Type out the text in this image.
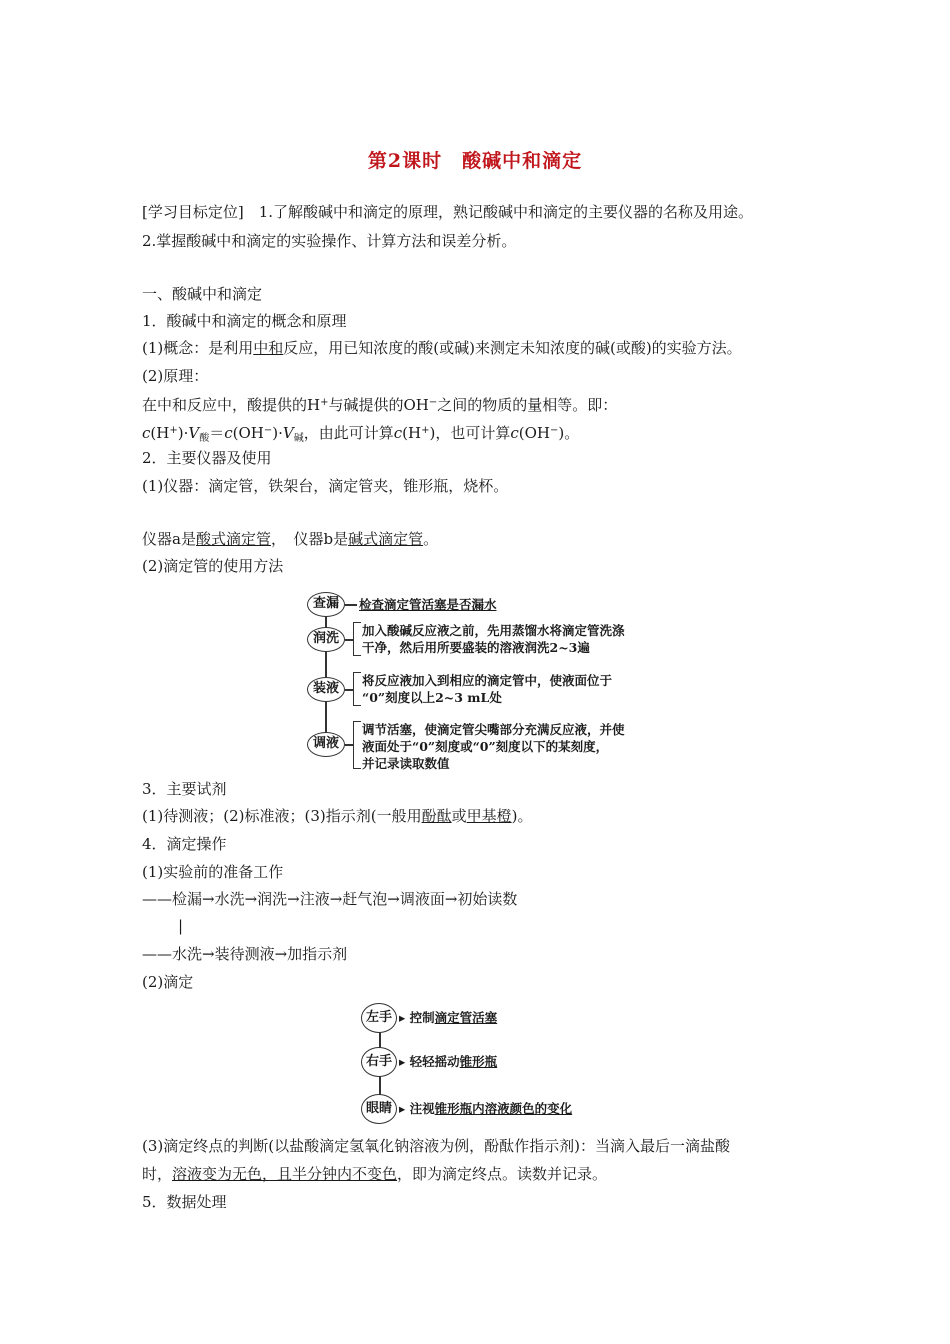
第2课时　酸碱中和滴定
[学习目标定位]　1.了解酸碱中和滴定的原理，熟记酸碱中和滴定的主要仪器的名称及用途。
2.掌握酸碱中和滴定的实验操作、计算方法和误差分析。
一、酸碱中和滴定
1．酸碱中和滴定的概念和原理
(1)概念：是利用中和反应，用已知浓度的酸(或碱)来测定未知浓度的碱(或酸)的实验方法。
(2)原理：
在中和反应中，酸提供的H+与碱提供的OH−之间的物质的量相等。即：
$c(H^+)\cdot V_酸=c(OH^-)\cdot V_碱$，由此可计算c(H+)，也可计算c(OH−)。
2．主要仪器及使用
(1)仪器：滴定管，铁架台，滴定管夹，锥形瓶，烧杯。
仪器a是酸式滴定管，　仪器b是碱式滴定管。
(2)滴定管的使用方法
查漏	检查滴定管活塞是否漏水
润洗
加入酸碱反应液之前，先用蒸馏水将滴定管洗涤
干净，然后用所要盛装的溶液润洗2~3遍
装液
将反应液加入到相应的滴定管中，使液面位于
“0”刻度以上2~3 mL处
调液
调节活塞，使滴定管尖嘴部分充满反应液，并使
液面处于“0”刻度或“0”刻度以下的某刻度，
并记录读取数值
3．主要试剂
(1)待测液；(2)标准液；(3)指示剂(一般用酚酞或甲基橙)。
4．滴定操作
(1)实验前的准备工作
——检漏→水洗→润洗→注液→赶气泡→调液面→初始读数
|
——水洗→装待测液→加指示剂
(2)滴定
左手 ▸ 控制滴定管活塞
右手 ▸ 轻轻摇动锥形瓶
眼睛 ▸ 注视锥形瓶内溶液颜色的变化
(3)滴定终点的判断(以盐酸滴定氢氧化钠溶液为例，酚酞作指示剂)：当滴入最后一滴盐酸
时，溶液变为无色，且半分钟内不变色，即为滴定终点。读数并记录。
5．数据处理
